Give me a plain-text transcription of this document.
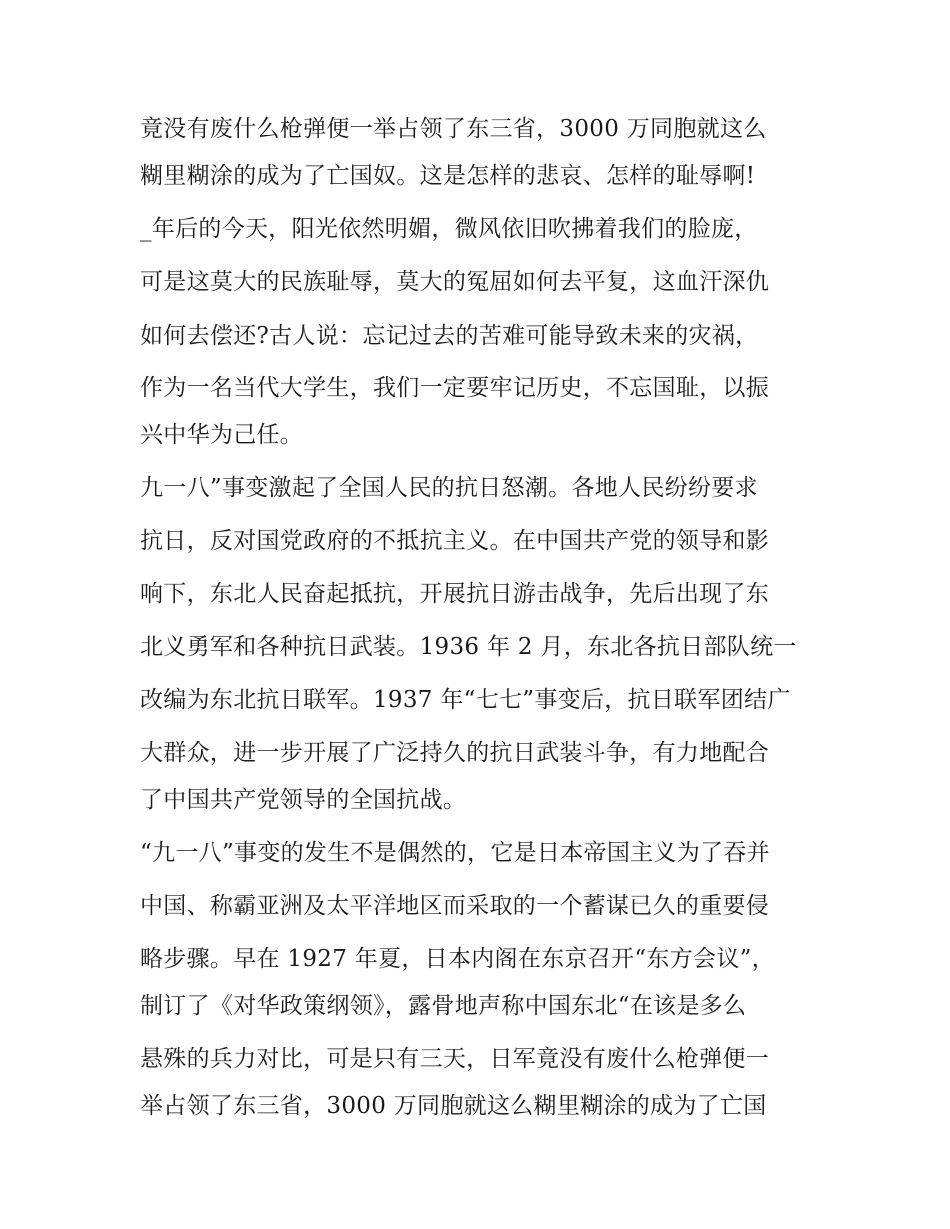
竟没有废什么枪弹便一举占领了东三省，3000 万同胞就这么
糊里糊涂的成为了亡国奴。这是怎样的悲哀、怎样的耻辱啊!
_年后的今天，阳光依然明媚，微风依旧吹拂着我们的脸庞，
可是这莫大的民族耻辱，莫大的冤屈如何去平复，这血汗深仇
如何去偿还?古人说：忘记过去的苦难可能导致未来的灾祸，
作为一名当代大学生，我们一定要牢记历史，不忘国耻，以振
兴中华为己任。
九一八”事变激起了全国人民的抗日怒潮。各地人民纷纷要求
抗日，反对国党政府的不抵抗主义。在中国共产党的领导和影
响下，东北人民奋起抵抗，开展抗日游击战争，先后出现了东
北义勇军和各种抗日武装。1936 年 2 月，东北各抗日部队统一
改编为东北抗日联军。1937 年“七七”事变后，抗日联军团结广
大群众，进一步开展了广泛持久的抗日武装斗争，有力地配合
了中国共产党领导的全国抗战。
“九一八”事变的发生不是偶然的，它是日本帝国主义为了吞并
中国、称霸亚洲及太平洋地区而采取的一个蓄谋已久的重要侵
略步骤。早在 1927 年夏，日本内阁在东京召开“东方会议”，
制订了《对华政策纲领》，露骨地声称中国东北“在该是多么
悬殊的兵力对比，可是只有三天，日军竟没有废什么枪弹便一
举占领了东三省，3000 万同胞就这么糊里糊涂的成为了亡国
